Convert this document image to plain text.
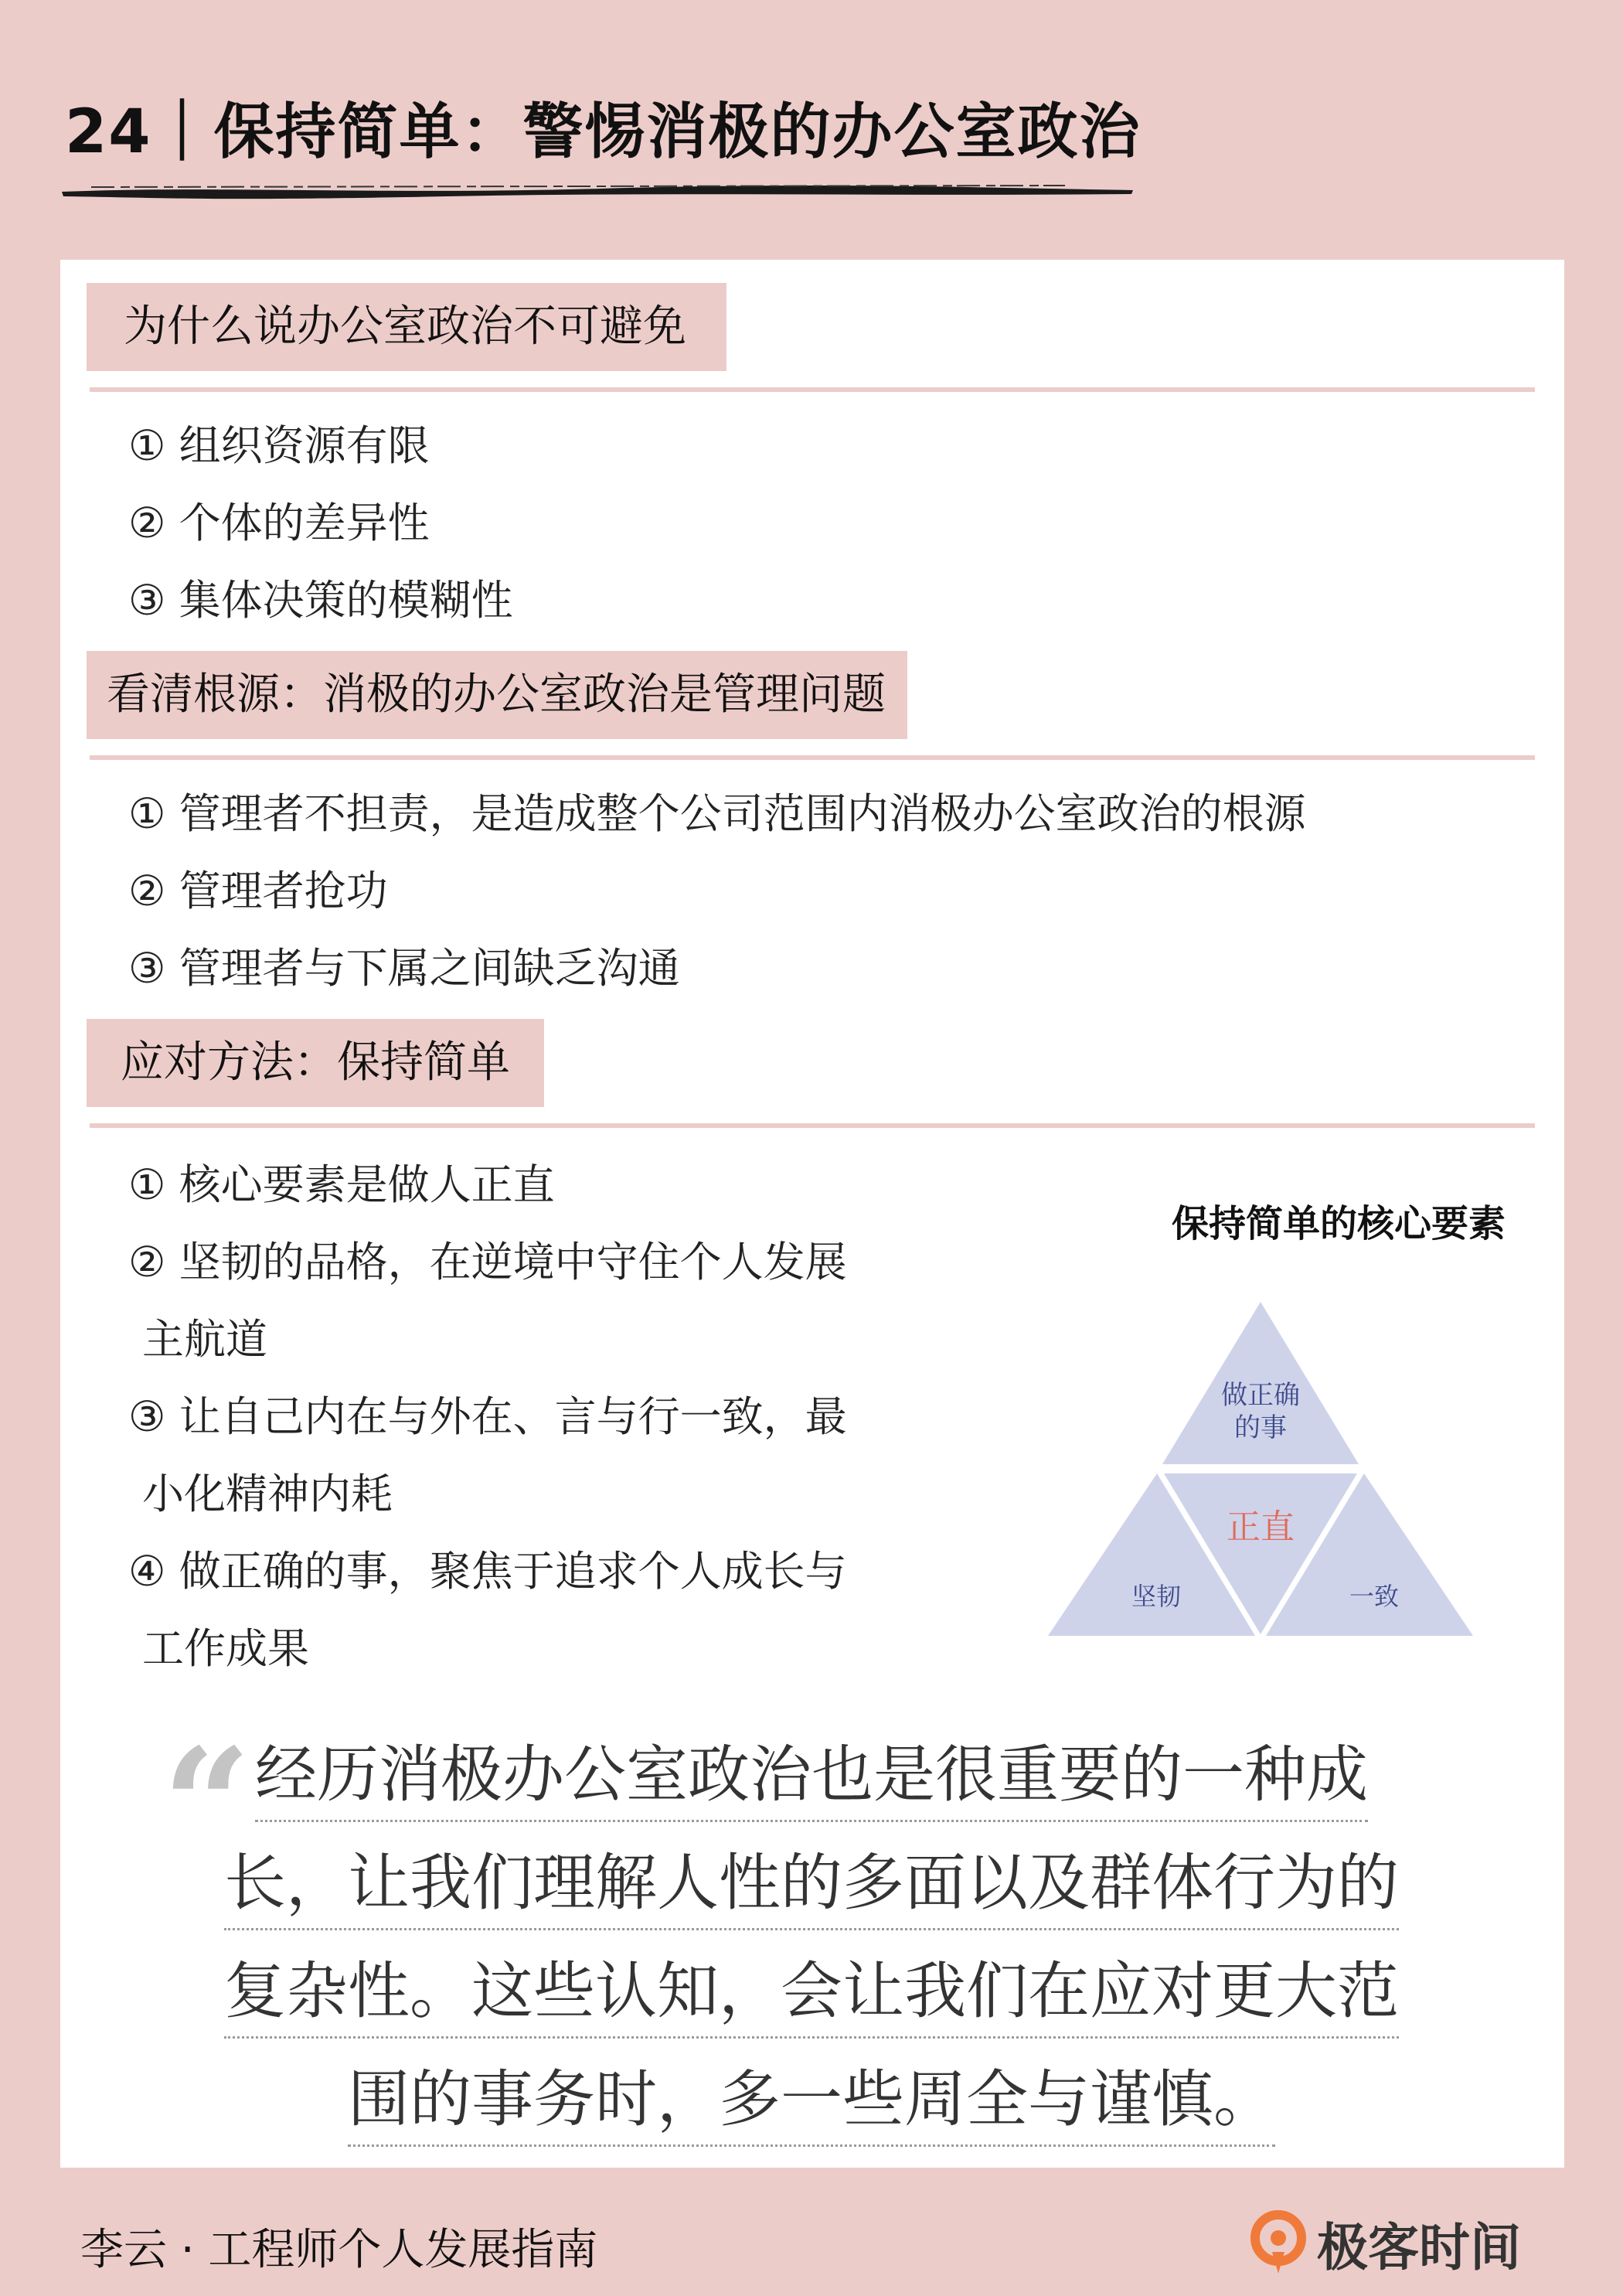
24｜保持简单：警惕消极的办公室政治
为什么说办公室政治不可避免
① 组织资源有限
② 个体的差异性
③ 集体决策的模糊性
看清根源：消极的办公室政治是管理问题
① 管理者不担责，是造成整个公司范围内消极办公室政治的根源
② 管理者抢功
③ 管理者与下属之间缺乏沟通
应对方法：保持简单
① 核心要素是做人正直
② 坚韧的品格，在逆境中守住个人发展
主航道
③ 让自己内在与外在、言与行一致，最
小化精神内耗
④ 做正确的事，聚焦于追求个人成长与
工作成果
保持简单的核心要素
做正确
的事
正直
坚韧	一致
“ 经历消极办公室政治也是很重要的一种成
长，让我们理解人性的多面以及群体行为的
复杂性。这些认知，会让我们在应对更大范
围的事务时，多一些周全与谨慎。
李云 · 工程师个人发展指南	极客时间
